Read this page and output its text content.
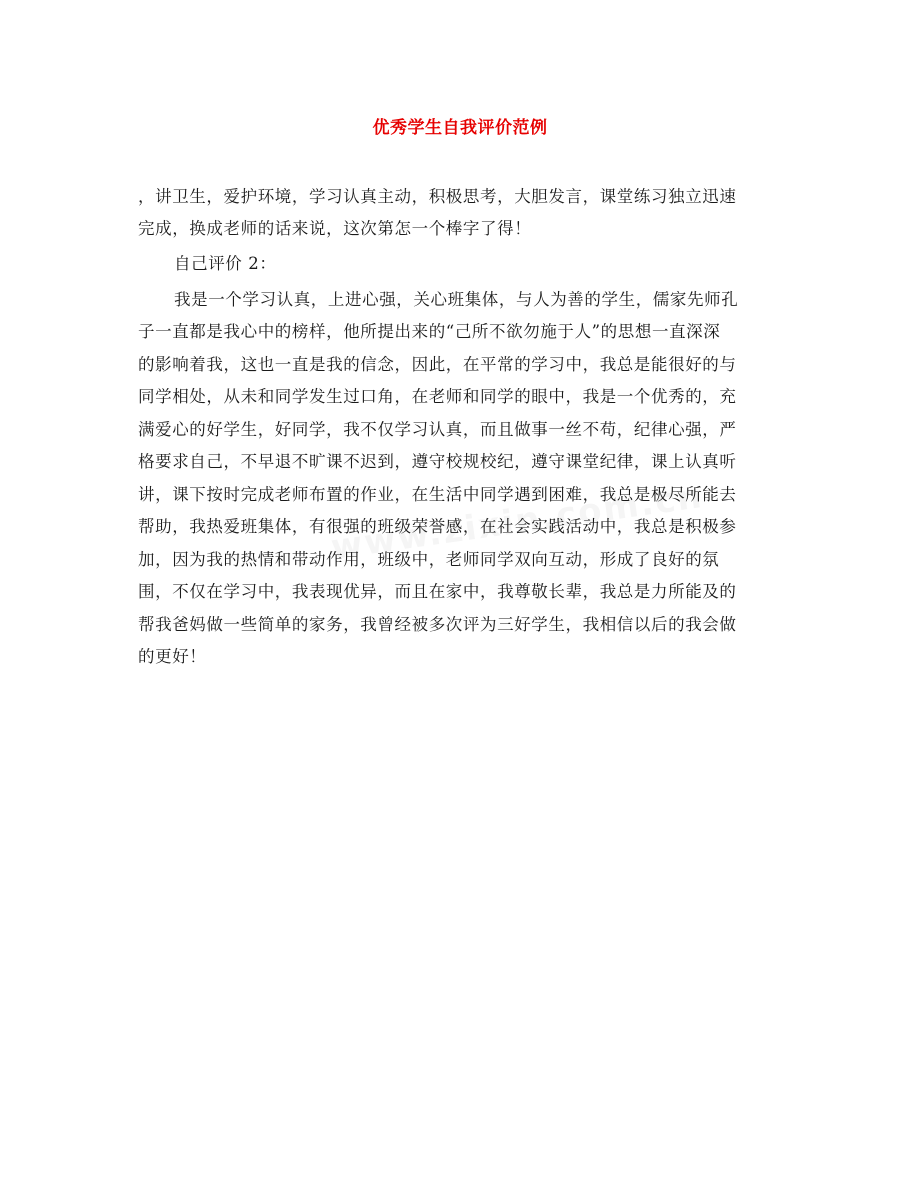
优秀学生自我评价范例
，讲卫生，爱护环境，学习认真主动，积极思考，大胆发言，课堂练习独立迅速
完成，换成老师的话来说，这次第怎一个棒字了得！
自己评价 2：
我是一个学习认真，上进心强，关心班集体，与人为善的学生，儒家先师孔
子一直都是我心中的榜样，他所提出来的“己所不欲勿施于人”的思想一直深深
的影响着我，这也一直是我的信念，因此，在平常的学习中，我总是能很好的与
同学相处，从未和同学发生过口角，在老师和同学的眼中，我是一个优秀的，充
满爱心的好学生，好同学，我不仅学习认真，而且做事一丝不苟，纪律心强，严
格要求自己，不早退不旷课不迟到，遵守校规校纪，遵守课堂纪律，课上认真听
讲，课下按时完成老师布置的作业，在生活中同学遇到困难，我总是极尽所能去
帮助，我热爱班集体，有很强的班级荣誉感，在社会实践活动中，我总是积极参
加，因为我的热情和带动作用，班级中，老师同学双向互动，形成了良好的氛
围，不仅在学习中，我表现优异，而且在家中，我尊敬长辈，我总是力所能及的
帮我爸妈做一些简单的家务，我曾经被多次评为三好学生，我相信以后的我会做
的更好！
